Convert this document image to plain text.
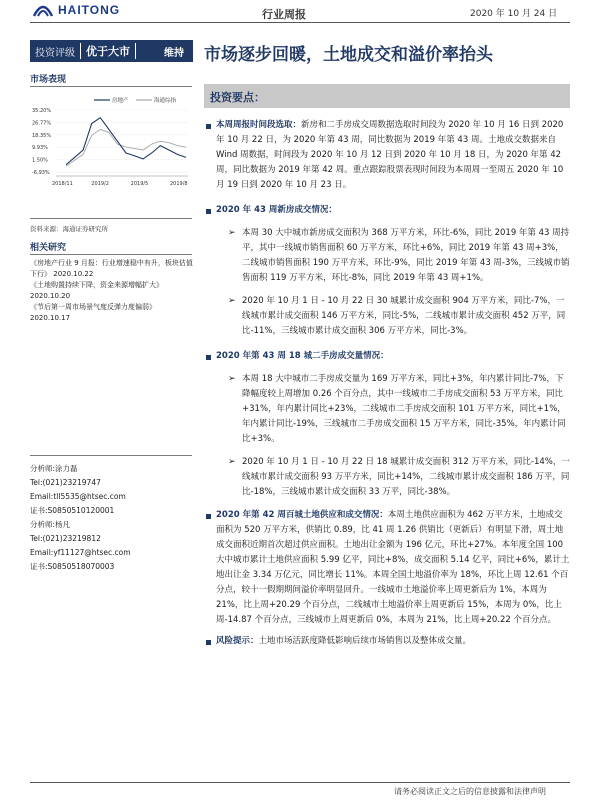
HAITONG	行业周报	2020 年 10 月 24 日
投资评级 优于大市	维持 市场逐步回暖，土地成交和溢价率抬头
市场表现
35.20%
26.77%
18.35%
9.93%
1.50%
-6.93%
2018/11	2019/2	2019/5	2019/8
房地产	海通综指
资料来源：海通证券研究所
相关研究
《房地产行业 9 月报：行业增速稳中有升，板块估值下行》 2020.10.22
《土地购置持续下降，资金来源增幅扩大》 2020.10.20
《节后第一周市场景气度反弹力度偏弱》
2020.10.17
分析师:涂力磊
Tel:(021)23219747
Email:tll5535@htsec.com
证书:S0850510120001
分析师:杨凡
Tel:(021)23219812
Email:yf11127@htsec.com
证书:S0850518070003
投资要点：
本周周报时间段选取：新房和二手房成交周数据选取时间段为 2020 年 10 月 16 日到 2020 年 10 月 22 日，为 2020 年第 43 周，同比数据为 2019 年第 43 周。土地成交数据来自 Wind 周数据，时间段为 2020 年 10 月 12 日到 2020 年 10 月 18 日，为 2020 年第 42 周，同比数据为 2019 年第 42 周。重点跟踪股票表现时间段为本周周一至周五 2020 年 10 月 19 日到 2020 年 10 月 23 日。
2020 年 43 周新房成交情况：
➢ 本周 30 大中城市新房成交面积为 368 万平方米，环比-6%，同比 2019 年第 43 周持平，其中一线城市销售面积 60 万平方米，环比+6%，同比 2019 年第 43 周+3%，二线城市销售面积 190 万平方米，环比-9%，同比 2019 年第 43 周-3%，三线城市销售面积 119 万平方米，环比-8%，同比 2019 年第 43 周+1%。
➢ 2020 年 10 月 1 日 - 10 月 22 日 30 城累计成交面积 904 万平方米，同比-7%，一线城市累计成交面积 146 万平方米，同比-5%，二线城市累计成交面积 452 万平，同比-11%，三线城市累计成交面积 306 万平方米，同比-3%。
2020 年第 43 周 18 城二手房成交量情况：
➢ 本周 18 大中城市二手房成交量为 169 万平方米，同比+3%，年内累计同比-7%，下降幅度较上周增加 0.26 个百分点，其中一线城市二手房成交面积 53 万平方米，同比+31%，年内累计同比+23%，二线城市二手房成交面积 101 万平方米，同比+1%，年内累计同比-19%，三线城市二手房成交面积 15 万平方米，同比-35%，年内累计同比+3%。
➢ 2020 年 10 月 1 日 - 10 月 22 日 18 城累计成交面积 312 万平方米，同比-14%，一线城市累计成交面积 93 万平方米，同比+14%，二线城市累计成交面积 186 万平，同比-18%，三线城市累计成交面积 33 万平，同比-38%。
2020 年第 42 周百城土地供应和成交情况：本周土地供应面积为 462 万平方米，土地成交面积为 520 万平方米，供销比 0.89，比 41 周 1.26 供销比（更新后）有明显下滑，周土地成交面积近期首次超过供应面积。土地出让金额为 196 亿元，环比+27%。本年度全国 100 大中城市累计土地供应面积 5.99 亿平，同比+8%，成交面积 5.14 亿平，同比+6%，累计土地出让金 3.34 万亿元，同比增长 11%。本周全国土地溢价率为 18%，环比上周 12.61 个百分点，较十一假期期间溢价率明显回升。一线城市土地溢价率上周更新后为 1%，本周为 21%，比上周+20.29 个百分点，二线城市土地溢价率上周更新后 15%，本周为 0%，比上周-14.87 个百分点，三线城市上周更新后 0%，本周为 21%，比上周+20.22 个百分点。
风险提示：土地市场活跃度降低影响后续市场销售以及整体成交量。
请务必阅读正文之后的信息披露和法律声明
